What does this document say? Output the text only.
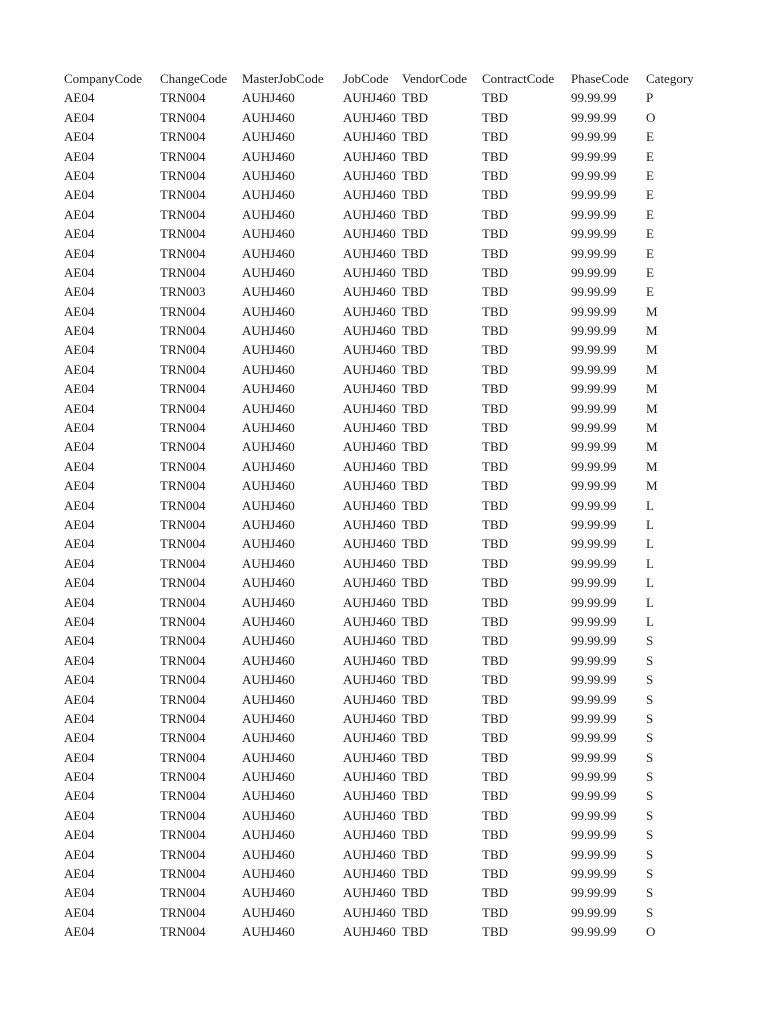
CompanyCode ChangeCode MasterJobCode JobCode VendorCode ContractCode PhaseCode Category
AE04	TRN004	AUHJ460	AUHJ460 TBD	TBD	99.99.99 P
AE04	TRN004	AUHJ460	AUHJ460 TBD	TBD	99.99.99 O
AE04	TRN004	AUHJ460	AUHJ460 TBD	TBD	99.99.99 E
AE04	TRN004	AUHJ460	AUHJ460 TBD	TBD	99.99.99 E
AE04	TRN004	AUHJ460	AUHJ460 TBD	TBD	99.99.99 E
AE04	TRN004	AUHJ460	AUHJ460 TBD	TBD	99.99.99 E
AE04	TRN004	AUHJ460	AUHJ460 TBD	TBD	99.99.99 E
AE04	TRN004	AUHJ460	AUHJ460 TBD	TBD	99.99.99 E
AE04	TRN004	AUHJ460	AUHJ460 TBD	TBD	99.99.99 E
AE04	TRN004	AUHJ460	AUHJ460 TBD	TBD	99.99.99 E
AE04	TRN003	AUHJ460	AUHJ460 TBD	TBD	99.99.99 E
AE04	TRN004	AUHJ460	AUHJ460 TBD	TBD	99.99.99 M
AE04	TRN004	AUHJ460	AUHJ460 TBD	TBD	99.99.99 M
AE04	TRN004	AUHJ460	AUHJ460 TBD	TBD	99.99.99 M
AE04	TRN004	AUHJ460	AUHJ460 TBD	TBD	99.99.99 M
AE04	TRN004	AUHJ460	AUHJ460 TBD	TBD	99.99.99 M
AE04	TRN004	AUHJ460	AUHJ460 TBD	TBD	99.99.99 M
AE04	TRN004	AUHJ460	AUHJ460 TBD	TBD	99.99.99 M
AE04	TRN004	AUHJ460	AUHJ460 TBD	TBD	99.99.99 M
AE04	TRN004	AUHJ460	AUHJ460 TBD	TBD	99.99.99 M
AE04	TRN004	AUHJ460	AUHJ460 TBD	TBD	99.99.99 M
AE04	TRN004	AUHJ460	AUHJ460 TBD	TBD	99.99.99 L
AE04	TRN004	AUHJ460	AUHJ460 TBD	TBD	99.99.99 L
AE04	TRN004	AUHJ460	AUHJ460 TBD	TBD	99.99.99 L
AE04	TRN004	AUHJ460	AUHJ460 TBD	TBD	99.99.99 L
AE04	TRN004	AUHJ460	AUHJ460 TBD	TBD	99.99.99 L
AE04	TRN004	AUHJ460	AUHJ460 TBD	TBD	99.99.99 L
AE04	TRN004	AUHJ460	AUHJ460 TBD	TBD	99.99.99 L
AE04	TRN004	AUHJ460	AUHJ460 TBD	TBD	99.99.99 S
AE04	TRN004	AUHJ460	AUHJ460 TBD	TBD	99.99.99 S
AE04	TRN004	AUHJ460	AUHJ460 TBD	TBD	99.99.99 S
AE04	TRN004	AUHJ460	AUHJ460 TBD	TBD	99.99.99 S
AE04	TRN004	AUHJ460	AUHJ460 TBD	TBD	99.99.99 S
AE04	TRN004	AUHJ460	AUHJ460 TBD	TBD	99.99.99 S
AE04	TRN004	AUHJ460	AUHJ460 TBD	TBD	99.99.99 S
AE04	TRN004	AUHJ460	AUHJ460 TBD	TBD	99.99.99 S
AE04	TRN004	AUHJ460	AUHJ460 TBD	TBD	99.99.99 S
AE04	TRN004	AUHJ460	AUHJ460 TBD	TBD	99.99.99 S
AE04	TRN004	AUHJ460	AUHJ460 TBD	TBD	99.99.99 S
AE04	TRN004	AUHJ460	AUHJ460 TBD	TBD	99.99.99 S
AE04	TRN004	AUHJ460	AUHJ460 TBD	TBD	99.99.99 S
AE04	TRN004	AUHJ460	AUHJ460 TBD	TBD	99.99.99 S
AE04	TRN004	AUHJ460	AUHJ460 TBD	TBD	99.99.99 S
AE04	TRN004	AUHJ460	AUHJ460 TBD	TBD	99.99.99 O
